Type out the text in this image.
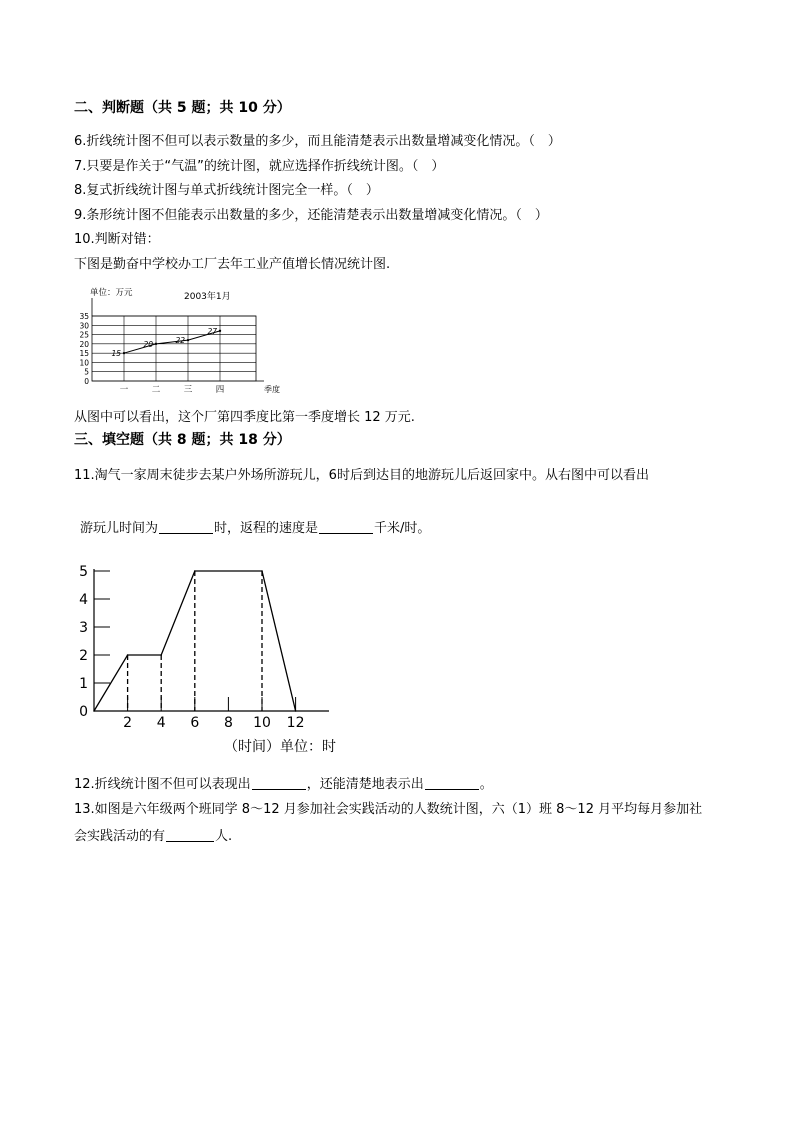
二、判断题（共 5 题；共 10 分）
6.折线统计图不但可以表示数量的多少，而且能清楚表示出数量增减变化情况。（　）
7.只要是作关于“气温”的统计图，就应选择作折线统计图。（　）
8.复式折线统计图与单式折线统计图完全一样。（　）
9.条形统计图不但能表示出数量的多少，还能清楚表示出数量增减变化情况。（　）
10.判断对错：
下图是勤奋中学校办工厂去年工业产值增长情况统计图.
单位：万元	2003年1月
0
5
10
15
20
25
30
35
一	二	三	四
15
20	22
27
季度
从图中可以看出，这个厂第四季度比第一季度增长 12 万元.
三、填空题（共 8 题；共 18 分）
11.淘气一家周末徒步去某户外场所游玩儿，6时后到达目的地游玩儿后返回家中。从右图中可以看出
游玩儿时间为	时，返程的速度是	千米/时。
0
1
2
3
4
5
2 4 6 8 10 12
（时间）单位：时
12.折线统计图不但可以表现出	，还能清楚地表示出	。
13.如图是六年级两个班同学 8～12 月参加社会实践活动的人数统计图，六（1）班 8～12 月平均每月参加社
会实践活动的有	人.
